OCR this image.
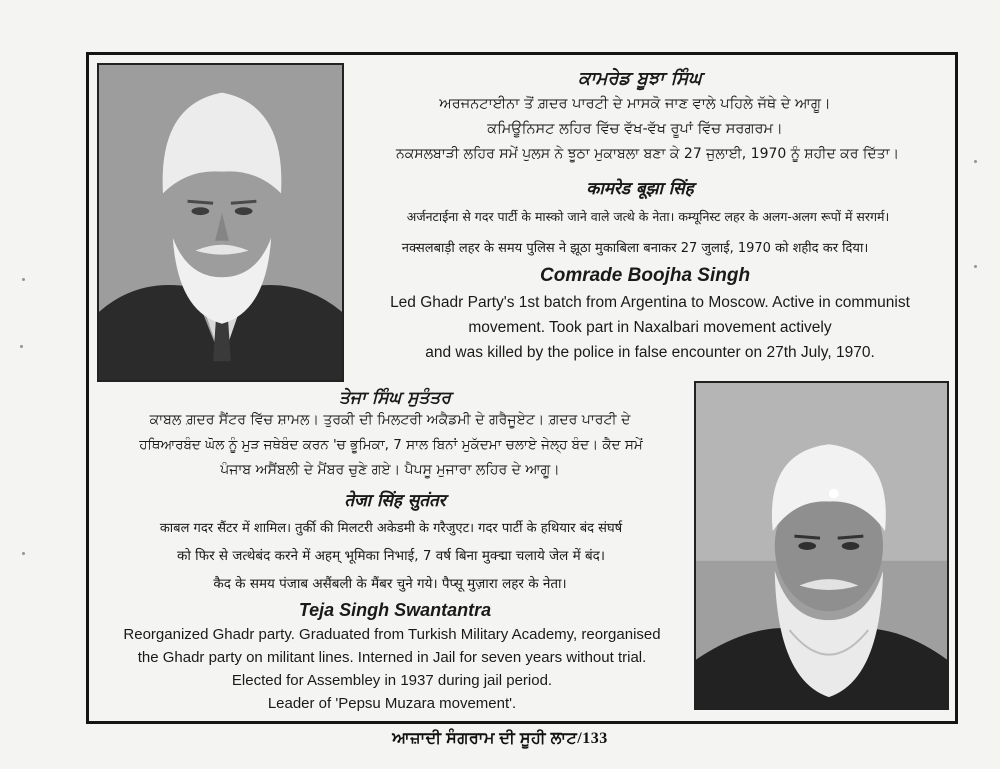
ਕਾਮਰੇਡ ਬੂਝਾ ਸਿੰਘ
ਅਰਜਨਟਾਈਨਾ ਤੋਂ ਗ਼ਦਰ ਪਾਰਟੀ ਦੇ ਮਾਸਕੋ ਜਾਣ ਵਾਲੇ ਪਹਿਲੇ ਜੱਥੇ ਦੇ ਆਗੂ।
ਕਮਿਊਨਿਸਟ ਲਹਿਰ ਵਿੱਚ ਵੱਖ-ਵੱਖ ਰੂਪਾਂ ਵਿੱਚ ਸਰਗਰਮ।
ਨਕਸਲਬਾੜੀ ਲਹਿਰ ਸਮੇਂ ਪੁਲਸ ਨੇ ਝੂਠਾ ਮੁਕਾਬਲਾ ਬਣਾ ਕੇ 27 ਜੁਲਾਈ, 1970 ਨੂੰ ਸ਼ਹੀਦ ਕਰ ਦਿੱਤਾ।
कामरेड बूझा सिंह
अर्जनटाईना से गदर पार्टी के मास्को जाने वाले जत्थे के नेता। कम्यूनिस्ट लहर के अलग-अलग रूपों में सरगर्म।
नक्सलबाड़ी लहर के समय पुलिस ने झूठा मुकाबिला बनाकर 27 जुलाई, 1970 को शहीद कर दिया।
Comrade Boojha Singh
Led Ghadr Party's 1st batch from Argentina to Moscow. Active in communist
movement. Took part in Naxalbari movement actively
and was killed by the police in false encounter on 27th July, 1970.
ਤੇਜਾ ਸਿੰਘ ਸੁਤੰਤਰ
ਕਾਬਲ ਗ਼ਦਰ ਸੈਂਟਰ ਵਿੱਚ ਸ਼ਾਮਲ। ਤੁਰਕੀ ਦੀ ਮਿਲਟਰੀ ਅਕੈਡਮੀ ਦੇ ਗਰੈਜੂਏਟ। ਗ਼ਦਰ ਪਾਰਟੀ ਦੇ
ਹਥਿਆਰਬੰਦ ਘੋਲ ਨੂੰ ਮੁੜ ਜਥੇਬੰਦ ਕਰਨ 'ਚ ਭੂਮਿਕਾ, 7 ਸਾਲ ਬਿਨਾਂ ਮੁਕੱਦਮਾ ਚਲਾਏ ਜੇਲ੍ਹ ਬੰਦ। ਕੈਦ ਸਮੇਂ
ਪੰਜਾਬ ਅਸੈਂਬਲੀ ਦੇ ਮੈਂਬਰ ਚੁਣੇ ਗਏ। ਪੈਪਸੂ ਮੁਜਾਰਾ ਲਹਿਰ ਦੇ ਆਗੂ।
तेजा सिंह सुतंतर
काबल गदर सैंटर में शामिल। तुर्की की मिलटरी अकेडमी के गरैजुएट। गदर पार्टी के हथियार बंद संघर्ष
को फिर से जत्थेबंद करने में अहम् भूमिका निभाई, 7 वर्ष बिना मुक्द्मा चलाये जेल में बंद।
कैद के समय पंजाब असैंबली के मैंबर चुने गये। पैप्सू मुज़ारा लहर के नेता।
Teja Singh Swantantra
Reorganized Ghadr party. Graduated from Turkish Military Academy, reorganised
the Ghadr party on militant lines. Interned in Jail for seven years without trial.
Elected for Assembley in 1937 during jail period.
Leader of 'Pepsu Muzara movement'.
ਆਜ਼ਾਦੀ ਸੰਗਰਾਮ ਦੀ ਸੂਹੀ ਲਾਟ/133
